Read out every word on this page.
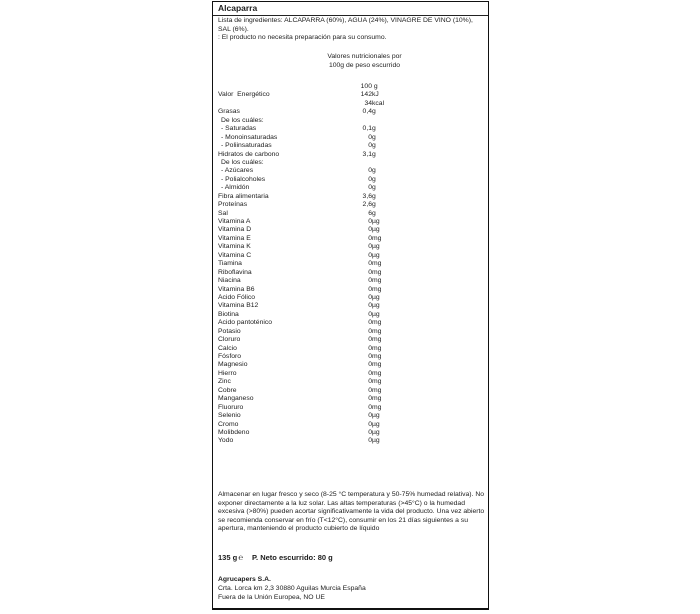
Alcaparra
Lista de ingredientes: ALCAPARRA (60%), AGUA (24%), VINAGRE DE VINO (10%), SAL (6%).
: El producto no necesita preparación para su consumo.
Valores nutricionales por
100g de peso escurrido
100 g
Valor  Energético	142 kJ
34 kcal
Grasas	0,4 g
De los cuáles:
- Saturadas	0,1 g
- Monoinsaturadas	0 g
- Poliinsaturadas	0 g
Hidratos de carbono	3,1 g
De los cuáles:
- Azúcares	0 g
- Polialcoholes	0 g
- Almidón	0 g
Fibra alimentaria	3,6 g
Proteínas	2,6 g
Sal	6 g
Vitamina A	0 µg
Vitamina D	0 µg
Vitamina E	0 mg
Vitamina K	0 µg
Vitamina C	0 µg
Tiamina	0 mg
Riboflavina	0 mg
Niacina	0 mg
Vitamina B6	0 mg
Ácido Fólico	0 µg
Vitamina B12	0 µg
Biotina	0 µg
Ácido pantoténico	0 mg
Potasio	0 mg
Cloruro	0 mg
Calcio	0 mg
Fósforo	0 mg
Magnesio	0 mg
Hierro	0 mg
Zinc	0 mg
Cobre	0 mg
Manganeso	0 mg
Fluoruro	0 mg
Selenio	0 µg
Cromo	0 µg
Molibdeno	0 µg
Yodo	0 µg
Almacenar en lugar fresco y seco (8-25 °C temperatura y 50-75% humedad relativa). No exponer directamente a la luz solar. Las altas temperaturas (>45°C) o la humedad excesiva (>80%) pueden acortar significativamente la vida del producto. Una vez abierto se recomienda conservar en frío (T<12°C), consumir en los 21 días siguientes a su apertura, manteniendo el producto cubierto de líquido
135 g℮ P. Neto escurrido: 80 g
Agrucapers S.A.
Crta. Lorca km 2,3 30880 Aguilas Murcia España
Fuera de la Unión Europea, NO UE
